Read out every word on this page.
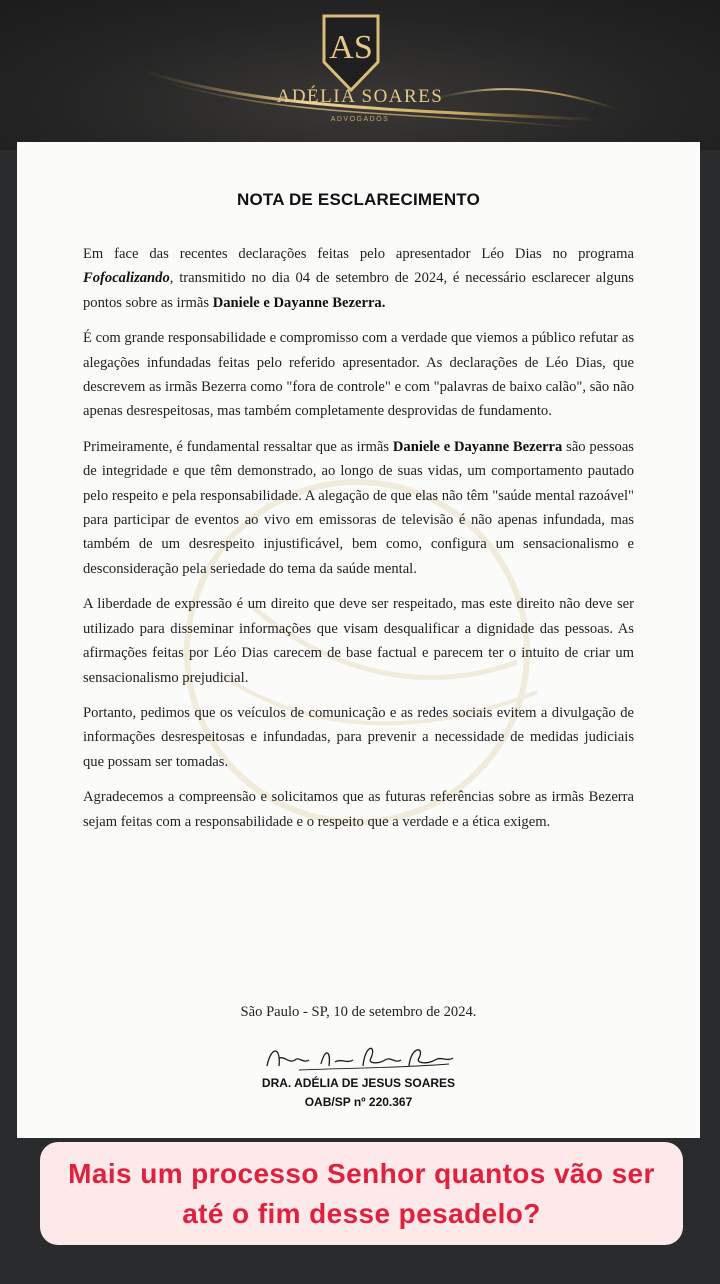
AS
ADÉLIA SOARES
ADVOGADOS
NOTA DE ESCLARECIMENTO

Em face das recentes declarações feitas pelo apresentador Léo Dias no programa Fofocalizando, transmitido no dia 04 de setembro de 2024, é necessário esclarecer alguns pontos sobre as irmãs Daniele e Dayanne Bezerra.

É com grande responsabilidade e compromisso com a verdade que viemos a público refutar as alegações infundadas feitas pelo referido apresentador. As declarações de Léo Dias, que descrevem as irmãs Bezerra como "fora de controle" e com "palavras de baixo calão", são não apenas desrespeitosas, mas também completamente desprovidas de fundamento.

Primeiramente, é fundamental ressaltar que as irmãs Daniele e Dayanne Bezerra são pessoas de integridade e que têm demonstrado, ao longo de suas vidas, um comportamento pautado pelo respeito e pela responsabilidade. A alegação de que elas não têm "saúde mental razoável" para participar de eventos ao vivo em emissoras de televisão é não apenas infundada, mas também de um desrespeito injustificável, bem como, configura um sensacionalismo e desconsideração pela seriedade do tema da saúde mental.

A liberdade de expressão é um direito que deve ser respeitado, mas este direito não deve ser utilizado para disseminar informações que visam desqualificar a dignidade das pessoas. As afirmações feitas por Léo Dias carecem de base factual e parecem ter o intuito de criar um sensacionalismo prejudicial.

Portanto, pedimos que os veículos de comunicação e as redes sociais evitem a divulgação de informações desrespeitosas e infundadas, para prevenir a necessidade de medidas judiciais que possam ser tomadas.

Agradecemos a compreensão e solicitamos que as futuras referências sobre as irmãs Bezerra sejam feitas com a responsabilidade e o respeito que a verdade e a ética exigem.

São Paulo - SP, 10 de setembro de 2024.
DRA. ADÉLIA DE JESUS SOARES
OAB/SP nº 220.367
Mais um processo Senhor quantos vão ser até o fim desse pesadelo?
